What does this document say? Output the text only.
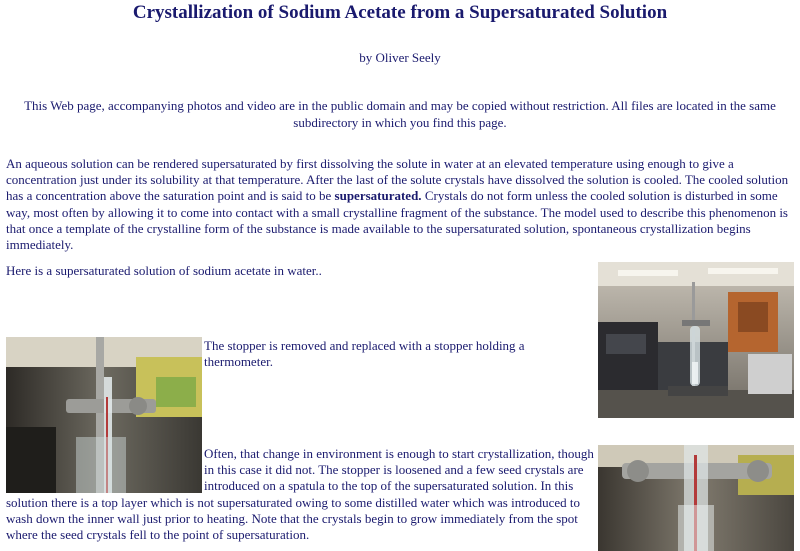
Crystallization of Sodium Acetate from a Supersaturated Solution
by Oliver Seely
This Web page, accompanying photos and video are in the public domain and may be copied without restriction. All files are located in the same subdirectory in which you find this page.
An aqueous solution can be rendered supersaturated by first dissolving the solute in water at an elevated temperature using enough to give a concentration just under its solubility at that temperature. After the last of the solute crystals have dissolved the solution is cooled. The cooled solution has a concentration above the saturation point and is said to be supersaturated. Crystals do not form unless the cooled solution is disturbed in some way, most often by allowing it to come into contact with a small crystalline fragment of the substance. The model used to describe this phenomenon is that once a template of the crystalline form of the substance is made available to the supersaturated solution, spontaneous crystallization begins immediately.
Here is a supersaturated solution of sodium acetate in water..
The stopper is removed and replaced with a stopper holding a thermometer.
Often, that change in environment is enough to start crystallization, though in this case it did not. The stopper is loosened and a few seed crystals are introduced on a spatula to the top of the supersaturated solution. In this solution there is a top layer which is not supersaturated owing to some distilled water which was introduced to wash down the inner wall just prior to heating. Note that the crystals begin to grow immediately from the spot where the seed crystals fell to the point of supersaturation.
